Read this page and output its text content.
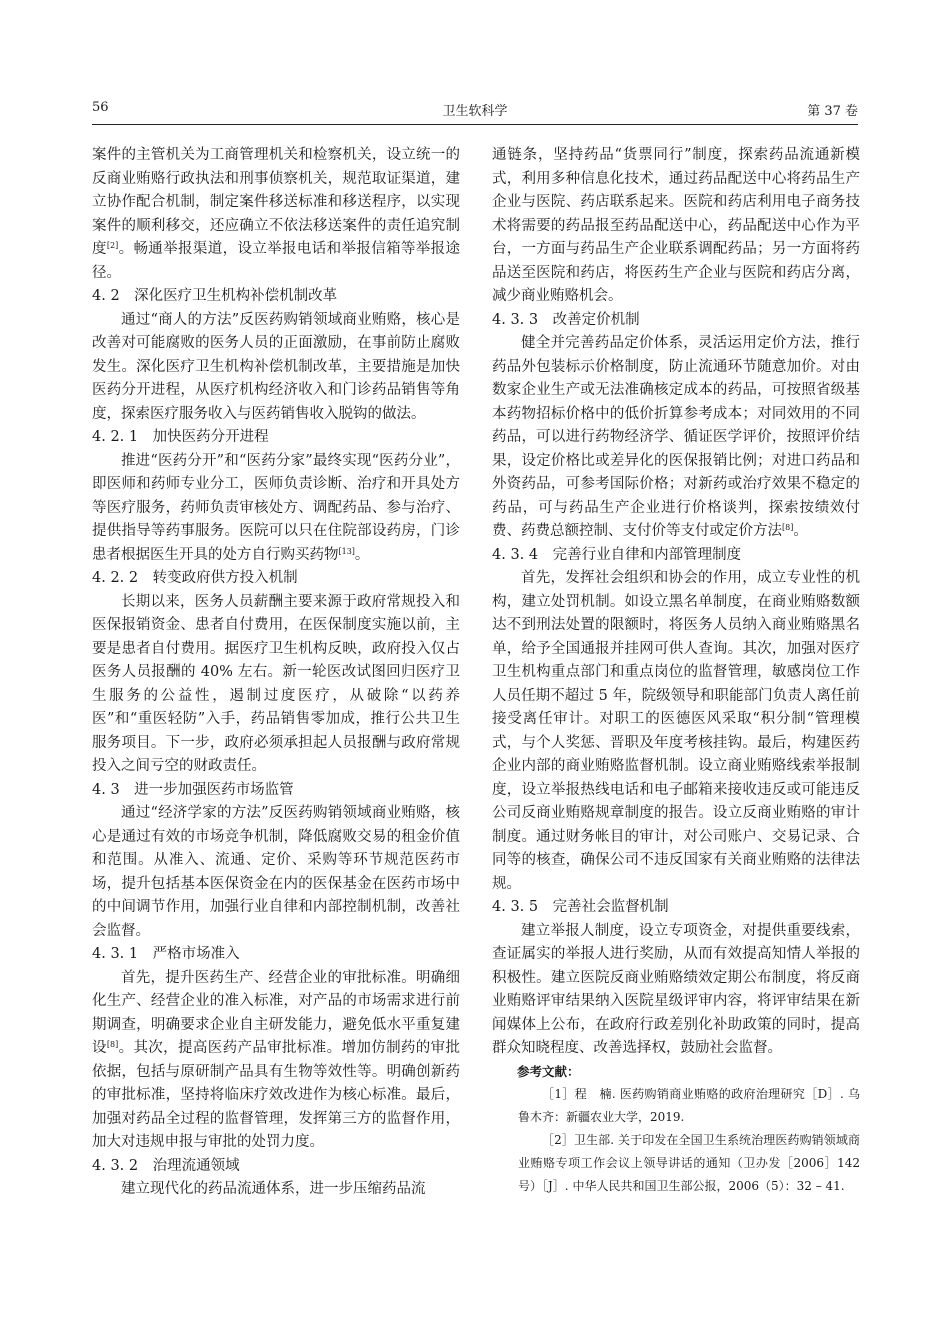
56	卫生软科学	第 37 卷

案件的主管机关为工商管理机关和检察机关，设立统一的反商业贿赂行政执法和刑事侦察机关，规范取证渠道，建立协作配合机制，制定案件移送标准和移送程序，以实现案件的顺利移交，还应确立不依法移送案件的责任追究制度[2]。畅通举报渠道，设立举报电话和举报信箱等举报途径。

4. 2　深化医疗卫生机构补偿机制改革

通过“商人的方法”反医药购销领域商业贿赂，核心是改善对可能腐败的医务人员的正面激励，在事前防止腐败发生。深化医疗卫生机构补偿机制改革，主要措施是加快医药分开进程，从医疗机构经济收入和门诊药品销售等角度，探索医疗服务收入与医药销售收入脱钩的做法。

4. 2. 1　加快医药分开进程

推进“医药分开”和“医药分家”最终实现“医药分业”，即医师和药师专业分工，医师负责诊断、治疗和开具处方等医疗服务，药师负责审核处方、调配药品、参与治疗、提供指导等药事服务。医院可以只在住院部设药房，门诊患者根据医生开具的处方自行购买药物[13]。

4. 2. 2　转变政府供方投入机制

长期以来，医务人员薪酬主要来源于政府常规投入和医保报销资金、患者自付费用，在医保制度实施以前，主要是患者自付费用。据医疗卫生机构反映，政府投入仅占医务人员报酬的 40% 左右。新一轮医改试图回归医疗卫生服务的公益性，遏制过度医疗，从破除“以药养医”和“重医轻防”入手，药品销售零加成，推行公共卫生服务项目。下一步，政府必须承担起人员报酬与政府常规投入之间亏空的财政责任。

4. 3　进一步加强医药市场监管

通过“经济学家的方法”反医药购销领域商业贿赂，核心是通过有效的市场竞争机制，降低腐败交易的租金价值和范围。从准入、流通、定价、采购等环节规范医药市场，提升包括基本医保资金在内的医保基金在医药市场中的中间调节作用，加强行业自律和内部控制机制，改善社会监督。

4. 3. 1　严格市场准入

首先，提升医药生产、经营企业的审批标准。明确细化生产、经营企业的准入标准，对产品的市场需求进行前期调查，明确要求企业自主研发能力，避免低水平重复建设[8]。其次，提高医药产品审批标准。增加仿制药的审批依据，包括与原研制产品具有生物等效性等。明确创新药的审批标准，坚持将临床疗效改进作为核心标准。最后，加强对药品全过程的监督管理，发挥第三方的监督作用，加大对违规申报与审批的处罚力度。

4. 3. 2　治理流通领域

建立现代化的药品流通体系，进一步压缩药品流

通链条，坚持药品“货票同行”制度，探索药品流通新模式，利用多种信息化技术，通过药品配送中心将药品生产企业与医院、药店联系起来。医院和药店利用电子商务技术将需要的药品报至药品配送中心，药品配送中心作为平台，一方面与药品生产企业联系调配药品；另一方面将药品送至医院和药店，将医药生产企业与医院和药店分离，减少商业贿赂机会。

4. 3. 3　改善定价机制

健全并完善药品定价体系，灵活运用定价方法，推行药品外包装标示价格制度，防止流通环节随意加价。对由数家企业生产或无法准确核定成本的药品，可按照省级基本药物招标价格中的低价折算参考成本；对同效用的不同药品，可以进行药物经济学、循证医学评价，按照评价结果，设定价格比或差异化的医保报销比例；对进口药品和外资药品，可参考国际价格；对新药或治疗效果不稳定的药品，可与药品生产企业进行价格谈判，探索按绩效付费、药费总额控制、支付价等支付或定价方法[8]。

4. 3. 4　完善行业自律和内部管理制度

首先，发挥社会组织和协会的作用，成立专业性的机构，建立处罚机制。如设立黑名单制度，在商业贿赂数额达不到刑法处置的限额时，将医务人员纳入商业贿赂黑名单，给予全国通报并挂网可供人查询。其次，加强对医疗卫生机构重点部门和重点岗位的监督管理，敏感岗位工作人员任期不超过 5 年，院级领导和职能部门负责人离任前接受离任审计。对职工的医德医风采取“积分制“管理模式，与个人奖惩、晋职及年度考核挂钩。最后，构建医药企业内部的商业贿赂监督机制。设立商业贿赂线索举报制度，设立举报热线电话和电子邮箱来接收违反或可能违反公司反商业贿赂规章制度的报告。设立反商业贿赂的审计制度。通过财务帐目的审计，对公司账户、交易记录、合同等的核查，确保公司不违反国家有关商业贿赂的法律法规。

4. 3. 5　完善社会监督机制

建立举报人制度，设立专项资金，对提供重要线索，查证属实的举报人进行奖励，从而有效提高知情人举报的积极性。建立医院反商业贿赂绩效定期公布制度，将反商业贿赂评审结果纳入医院星级评审内容，将评审结果在新闻媒体上公布，在政府行政差别化补助政策的同时，提高群众知晓程度、改善选择权，鼓励社会监督。

参考文献：

［1］程　楠. 医药购销商业贿赂的政府治理研究［D］. 乌鲁木齐：新疆农业大学，2019.

［2］卫生部. 关于印发在全国卫生系统治理医药购销领域商业贿赂专项工作会议上领导讲话的通知（卫办发［2006］142号）［J］. 中华人民共和国卫生部公报，2006（5）：32 – 41.
